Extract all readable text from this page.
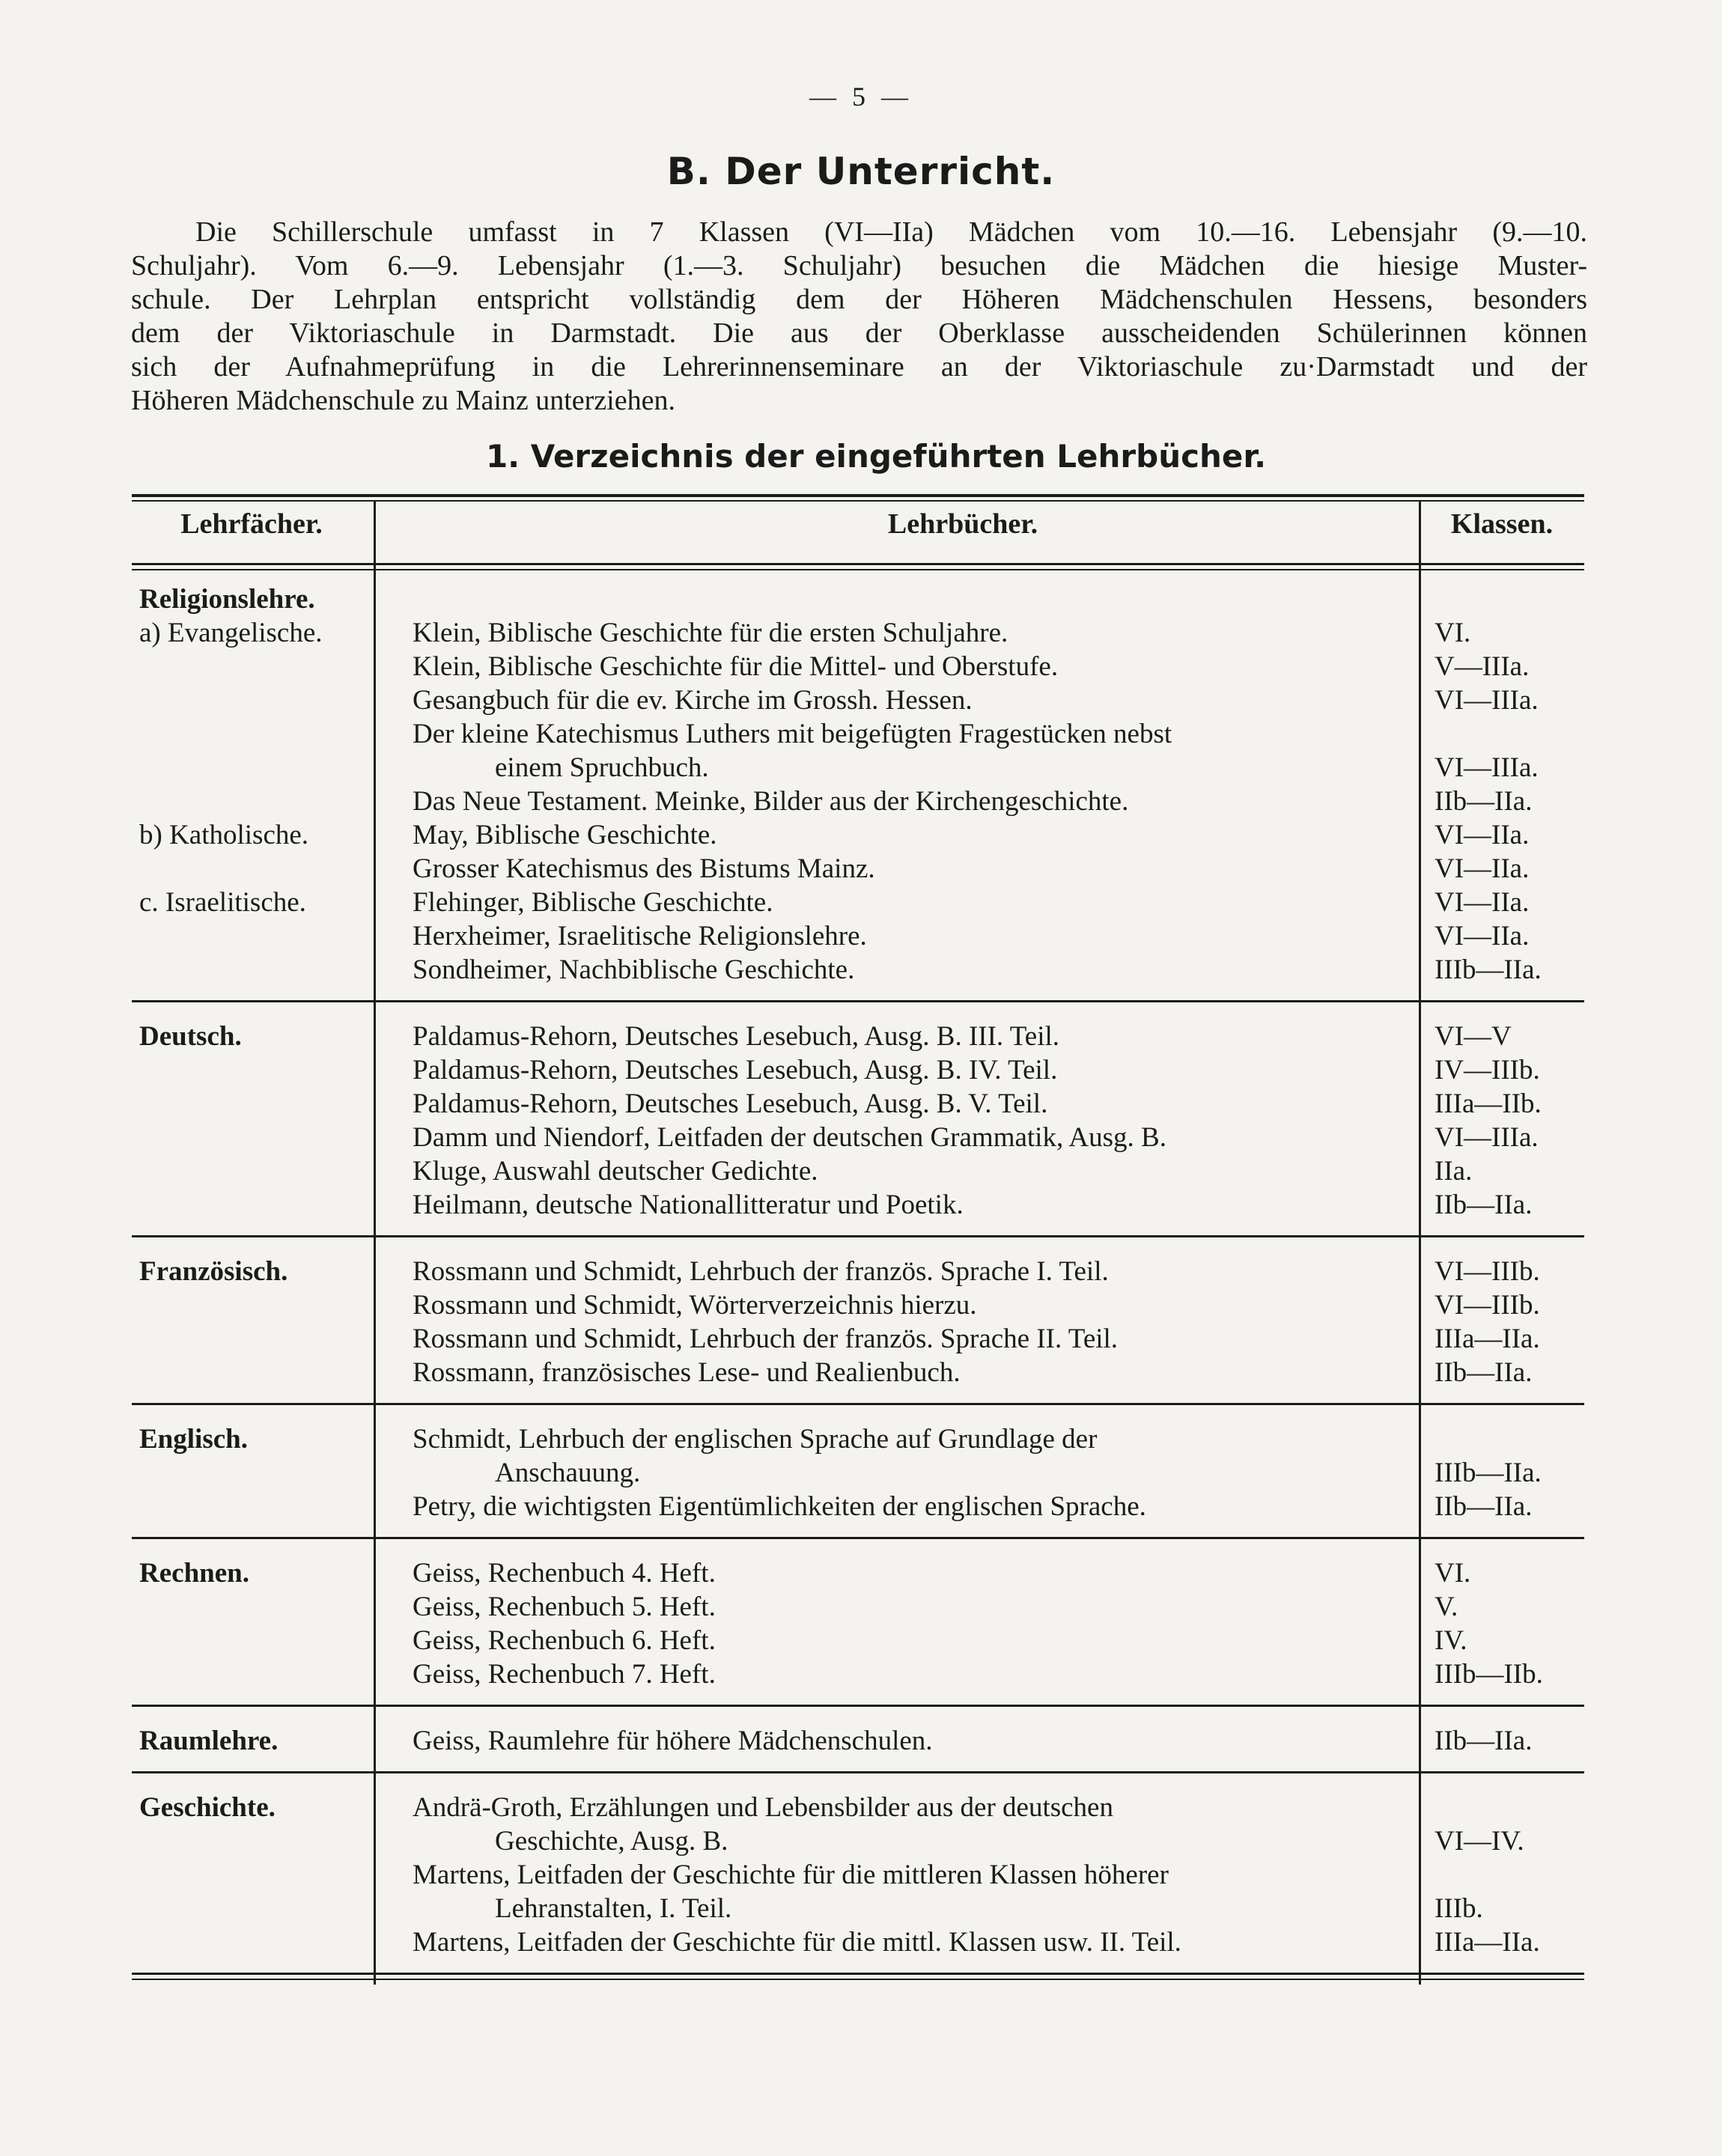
— 5 —
B. Der Unterricht.
Die Schillerschule umfasst in 7 Klassen (VI—IIa) Mädchen vom 10.—16. Lebensjahr (9.—10.
Schuljahr). Vom 6.—9. Lebensjahr (1.—3. Schuljahr) besuchen die Mädchen die hiesige Muster-
schule. Der Lehrplan entspricht vollständig dem der Höheren Mädchenschulen Hessens, besonders
dem der Viktoriaschule in Darmstadt. Die aus der Oberklasse ausscheidenden Schülerinnen können
sich der Aufnahmeprüfung in die Lehrerinnenseminare an der Viktoriaschule zu·Darmstadt und der
Höheren Mädchenschule zu Mainz unterziehen.
1. Verzeichnis der eingeführten Lehrbücher.
Lehrfächer.	Lehrbücher.	Klassen.
Religionslehre.
a) Evangelische.	Klein, Biblische Geschichte für die ersten Schuljahre.	VI.
Klein, Biblische Geschichte für die Mittel- und Oberstufe.	V—IIIa.
Gesangbuch für die ev. Kirche im Grossh. Hessen.	VI—IIIa.
Der kleine Katechismus Luthers mit beigefügten Fragestücken nebst
einem Spruchbuch.	VI—IIIa.
Das Neue Testament. Meinke, Bilder aus der Kirchengeschichte.	IIb—IIa.
b) Katholische.	May, Biblische Geschichte.	VI—IIa.
Grosser Katechismus des Bistums Mainz.	VI—IIa.
c. Israelitische.	Flehinger, Biblische Geschichte.	VI—IIa.
Herxheimer, Israelitische Religionslehre.	VI—IIa.
Sondheimer, Nachbiblische Geschichte.	IIIb—IIa.
Deutsch.	Paldamus-Rehorn, Deutsches Lesebuch, Ausg. B. III. Teil.	VI—V
Paldamus-Rehorn, Deutsches Lesebuch, Ausg. B. IV. Teil.	IV—IIIb.
Paldamus-Rehorn, Deutsches Lesebuch, Ausg. B. V. Teil.	IIIa—IIb.
Damm und Niendorf, Leitfaden der deutschen Grammatik, Ausg. B.	VI—IIIa.
Kluge, Auswahl deutscher Gedichte.	IIa.
Heilmann, deutsche Nationallitteratur und Poetik.	IIb—IIa.
Französisch.	Rossmann und Schmidt, Lehrbuch der französ. Sprache I. Teil.	VI—IIIb.
Rossmann und Schmidt, Wörterverzeichnis hierzu.	VI—IIIb.
Rossmann und Schmidt, Lehrbuch der französ. Sprache II. Teil.	IIIa—IIa.
Rossmann, französisches Lese- und Realienbuch.	IIb—IIa.
Englisch.	Schmidt, Lehrbuch der englischen Sprache auf Grundlage der
Anschauung.	IIIb—IIa.
Petry, die wichtigsten Eigentümlichkeiten der englischen Sprache.	IIb—IIa.
Rechnen.	Geiss, Rechenbuch 4. Heft.	VI.
Geiss, Rechenbuch 5. Heft.	V.
Geiss, Rechenbuch 6. Heft.	IV.
Geiss, Rechenbuch 7. Heft.	IIIb—IIb.
Raumlehre.	Geiss, Raumlehre für höhere Mädchenschulen.	IIb—IIa.
Geschichte.	Andrä-Groth, Erzählungen und Lebensbilder aus der deutschen
Geschichte, Ausg. B.	VI—IV.
Martens, Leitfaden der Geschichte für die mittleren Klassen höherer
Lehranstalten, I. Teil.	IIIb.
Martens, Leitfaden der Geschichte für die mittl. Klassen usw. II. Teil.	IIIa—IIa.
